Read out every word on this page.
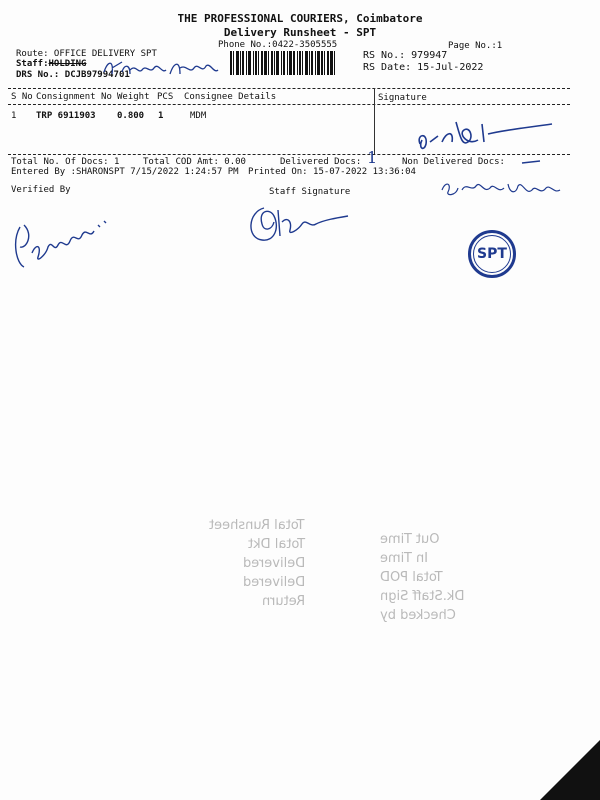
THE PROFESSIONAL COURIERS, Coimbatore
Delivery Runsheet - SPT
Phone No.:0422-3505555	Page No.:1
Route: OFFICE DELIVERY SPT
Staff:HOLDING
DRS No.: DCJB97994701
RS No.: 979947
RS Date: 15-Jul-2022
S No Consignment No Weight PCS Consignee Details	Signature
1 TRP 6911903 0.800 1	MDM
Total No. Of Docs: 1	Total COD Amt: 0.00	Delivered Docs: 1	Non Delivered Docs:
Entered By :SHARONSPT 7/15/2022 1:24:57 PM Printed On: 15-07-2022 13:36:04
Verified By	Staff Signature
SPT
Total Runsheet
Total Dkt
Delivered
Delivered
Return
Out Time
In Time
Total POD
Dk.Staff Sign
Checked by
